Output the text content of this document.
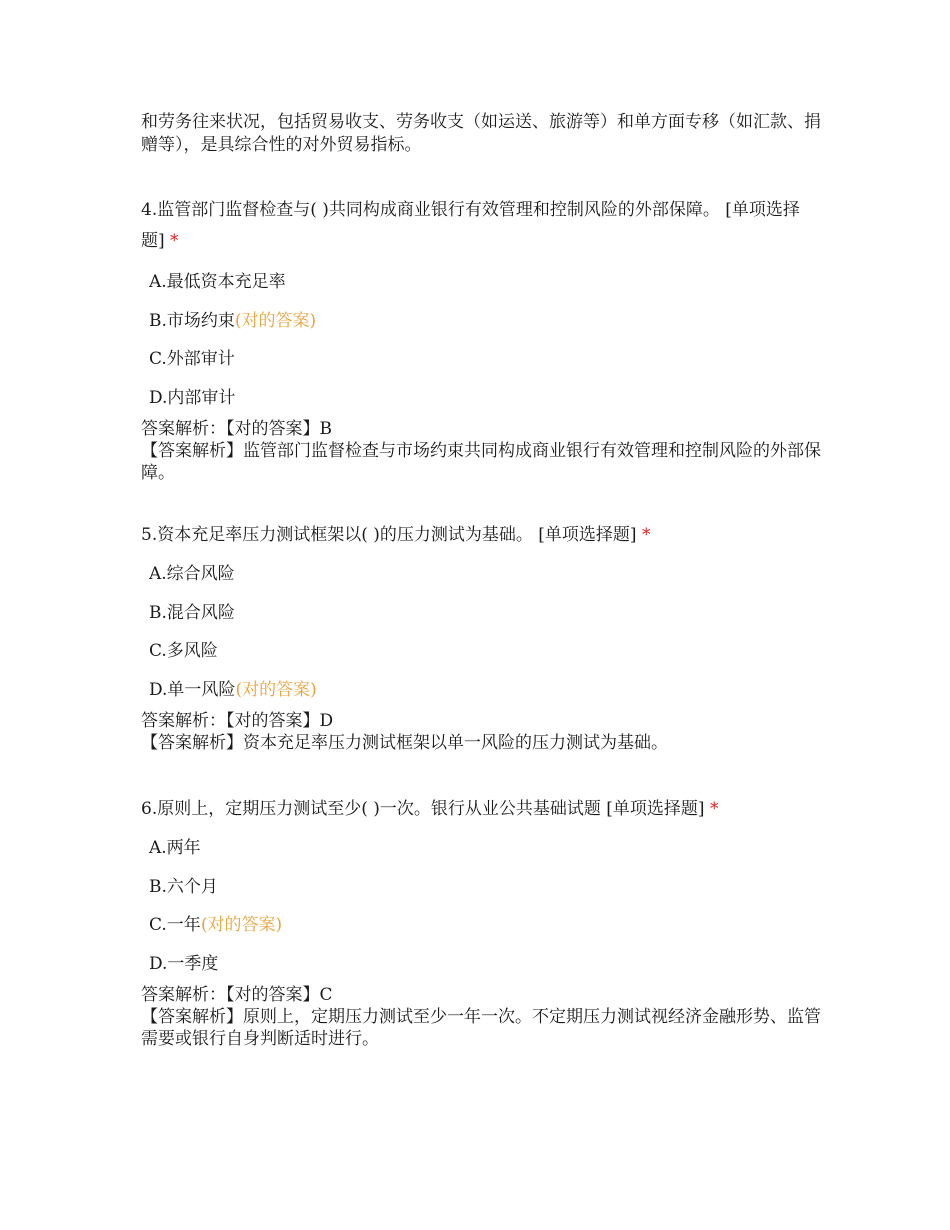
和劳务往来状况，包括贸易收支、劳务收支（如运送、旅游等）和单方面专移（如汇款、捐赠等），是具综合性的对外贸易指标。

4.监管部门监督检查与( )共同构成商业银行有效管理和控制风险的外部保障。 [单项选择题] *

A.最低资本充足率
B.市场约束(对的答案)
C.外部审计
D.内部审计

答案解析：【对的答案】B

【答案解析】监管部门监督检查与市场约束共同构成商业银行有效管理和控制风险的外部保障。

5.资本充足率压力测试框架以( )的压力测试为基础。 [单项选择题] *

A.综合风险
B.混合风险
C.多风险
D.单一风险(对的答案)

答案解析：【对的答案】D

【答案解析】资本充足率压力测试框架以单一风险的压力测试为基础。

6.原则上，定期压力测试至少( )一次。银行从业公共基础试题 [单项选择题] *

A.两年
B.六个月
C.一年(对的答案)
D.一季度

答案解析：【对的答案】C

【答案解析】原则上，定期压力测试至少一年一次。不定期压力测试视经济金融形势、监管需要或银行自身判断适时进行。
